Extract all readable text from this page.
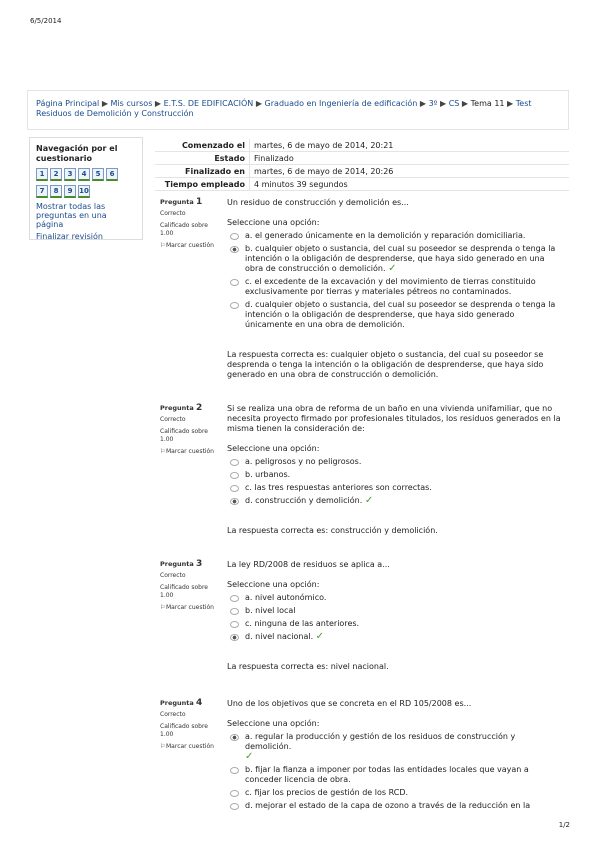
6/5/2014
Página Principal ▶ Mis cursos ▶ E.T.S. DE EDIFICACIÓN ▶ Graduado en Ingeniería de edificación ▶ 3º ▶ CS ▶ Tema 11 ▶ Test Residuos de Demolición y Construcción
Navegación por el cuestionario
1	2	3	4	5	6
7	8	9 10
Mostrar todas las preguntas en una página
Finalizar revisión
Comenzado el	martes, 6 de mayo de 2014, 20:21
Estado	Finalizado
Finalizado en	martes, 6 de mayo de 2014, 20:26
Tiempo empleado	4 minutos 39 segundos
Pregunta 1
Correcto
Calificado sobre 1.00
⚐Marcar cuestión
Un residuo de construcción y demolición es...
Seleccione una opción:
a. el generado únicamente en la demolición y reparación domiciliaria.
b. cualquier objeto o sustancia, del cual su poseedor se desprenda o tenga la intención o la obligación de desprenderse, que haya sido generado en una obra de construcción o demolición. ✓
c. el excedente de la excavación y del movimiento de tierras constituido exclusivamente por tierras y materiales pétreos no contaminados.
d. cualquier objeto o sustancia, del cual su poseedor se desprenda o tenga la intención o la obligación de desprenderse, que haya sido generado únicamente en una obra de demolición.
La respuesta correcta es: cualquier objeto o sustancia, del cual su poseedor se desprenda o tenga la intención o la obligación de desprenderse, que haya sido generado en una obra de construcción o demolición.
Pregunta 2
Correcto
Calificado sobre 1.00
⚐Marcar cuestión
Si se realiza una obra de reforma de un baño en una vivienda unifamiliar, que no necesita proyecto firmado por profesionales titulados, los residuos generados en la misma tienen la consideración de:
Seleccione una opción:
a. peligrosos y no peligrosos.
b. urbanos.
c. las tres respuestas anteriores son correctas.
d. construcción y demolición. ✓
La respuesta correcta es: construcción y demolición.
Pregunta 3
Correcto
Calificado sobre 1.00
⚐Marcar cuestión
La ley RD/2008 de residuos se aplica a...
Seleccione una opción:
a. nivel autonómico.
b. nivel local
c. ninguna de las anteriores.
d. nivel nacional. ✓
La respuesta correcta es: nivel nacional.
Pregunta 4
Correcto
Calificado sobre 1.00
⚐Marcar cuestión
Uno de los objetivos que se concreta en el RD 105/2008 es...
Seleccione una opción:
a. regular la producción y gestión de los residuos de construcción y demolición.
✓
b. fijar la fianza a imponer por todas las entidades locales que vayan a conceder licencia de obra.
c. fijar los precios de gestión de los RCD.
d. mejorar el estado de la capa de ozono a través de la reducción en la
1/2
